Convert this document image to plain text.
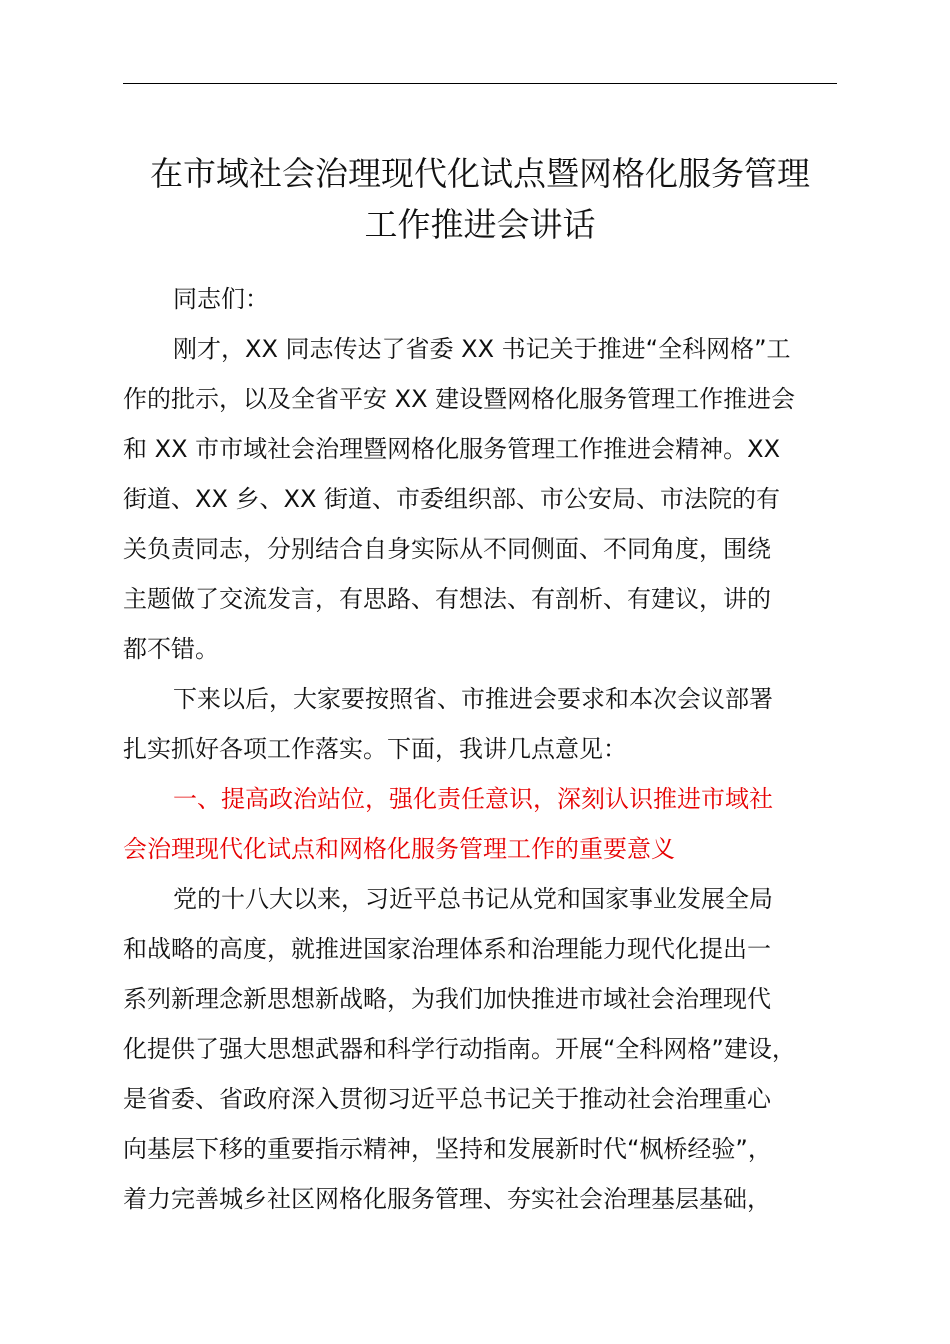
在市域社会治理现代化试点暨网格化服务管理
工作推进会讲话
同志们：
刚才，XX 同志传达了省委 XX 书记关于推进“全科网格”工
作的批示，以及全省平安 XX 建设暨网格化服务管理工作推进会
和 XX 市市域社会治理暨网格化服务管理工作推进会精神。XX
街道、XX 乡、XX 街道、市委组织部、市公安局、市法院的有
关负责同志，分别结合自身实际从不同侧面、不同角度，围绕
主题做了交流发言，有思路、有想法、有剖析、有建议，讲的
都不错。
下来以后，大家要按照省、市推进会要求和本次会议部署
扎实抓好各项工作落实。下面，我讲几点意见：
一、提高政治站位，强化责任意识，深刻认识推进市域社
会治理现代化试点和网格化服务管理工作的重要意义
党的十八大以来，习近平总书记从党和国家事业发展全局
和战略的高度，就推进国家治理体系和治理能力现代化提出一
系列新理念新思想新战略，为我们加快推进市域社会治理现代
化提供了强大思想武器和科学行动指南。开展“全科网格”建设，
是省委、省政府深入贯彻习近平总书记关于推动社会治理重心
向基层下移的重要指示精神，坚持和发展新时代“枫桥经验”，
着力完善城乡社区网格化服务管理、夯实社会治理基层基础，
